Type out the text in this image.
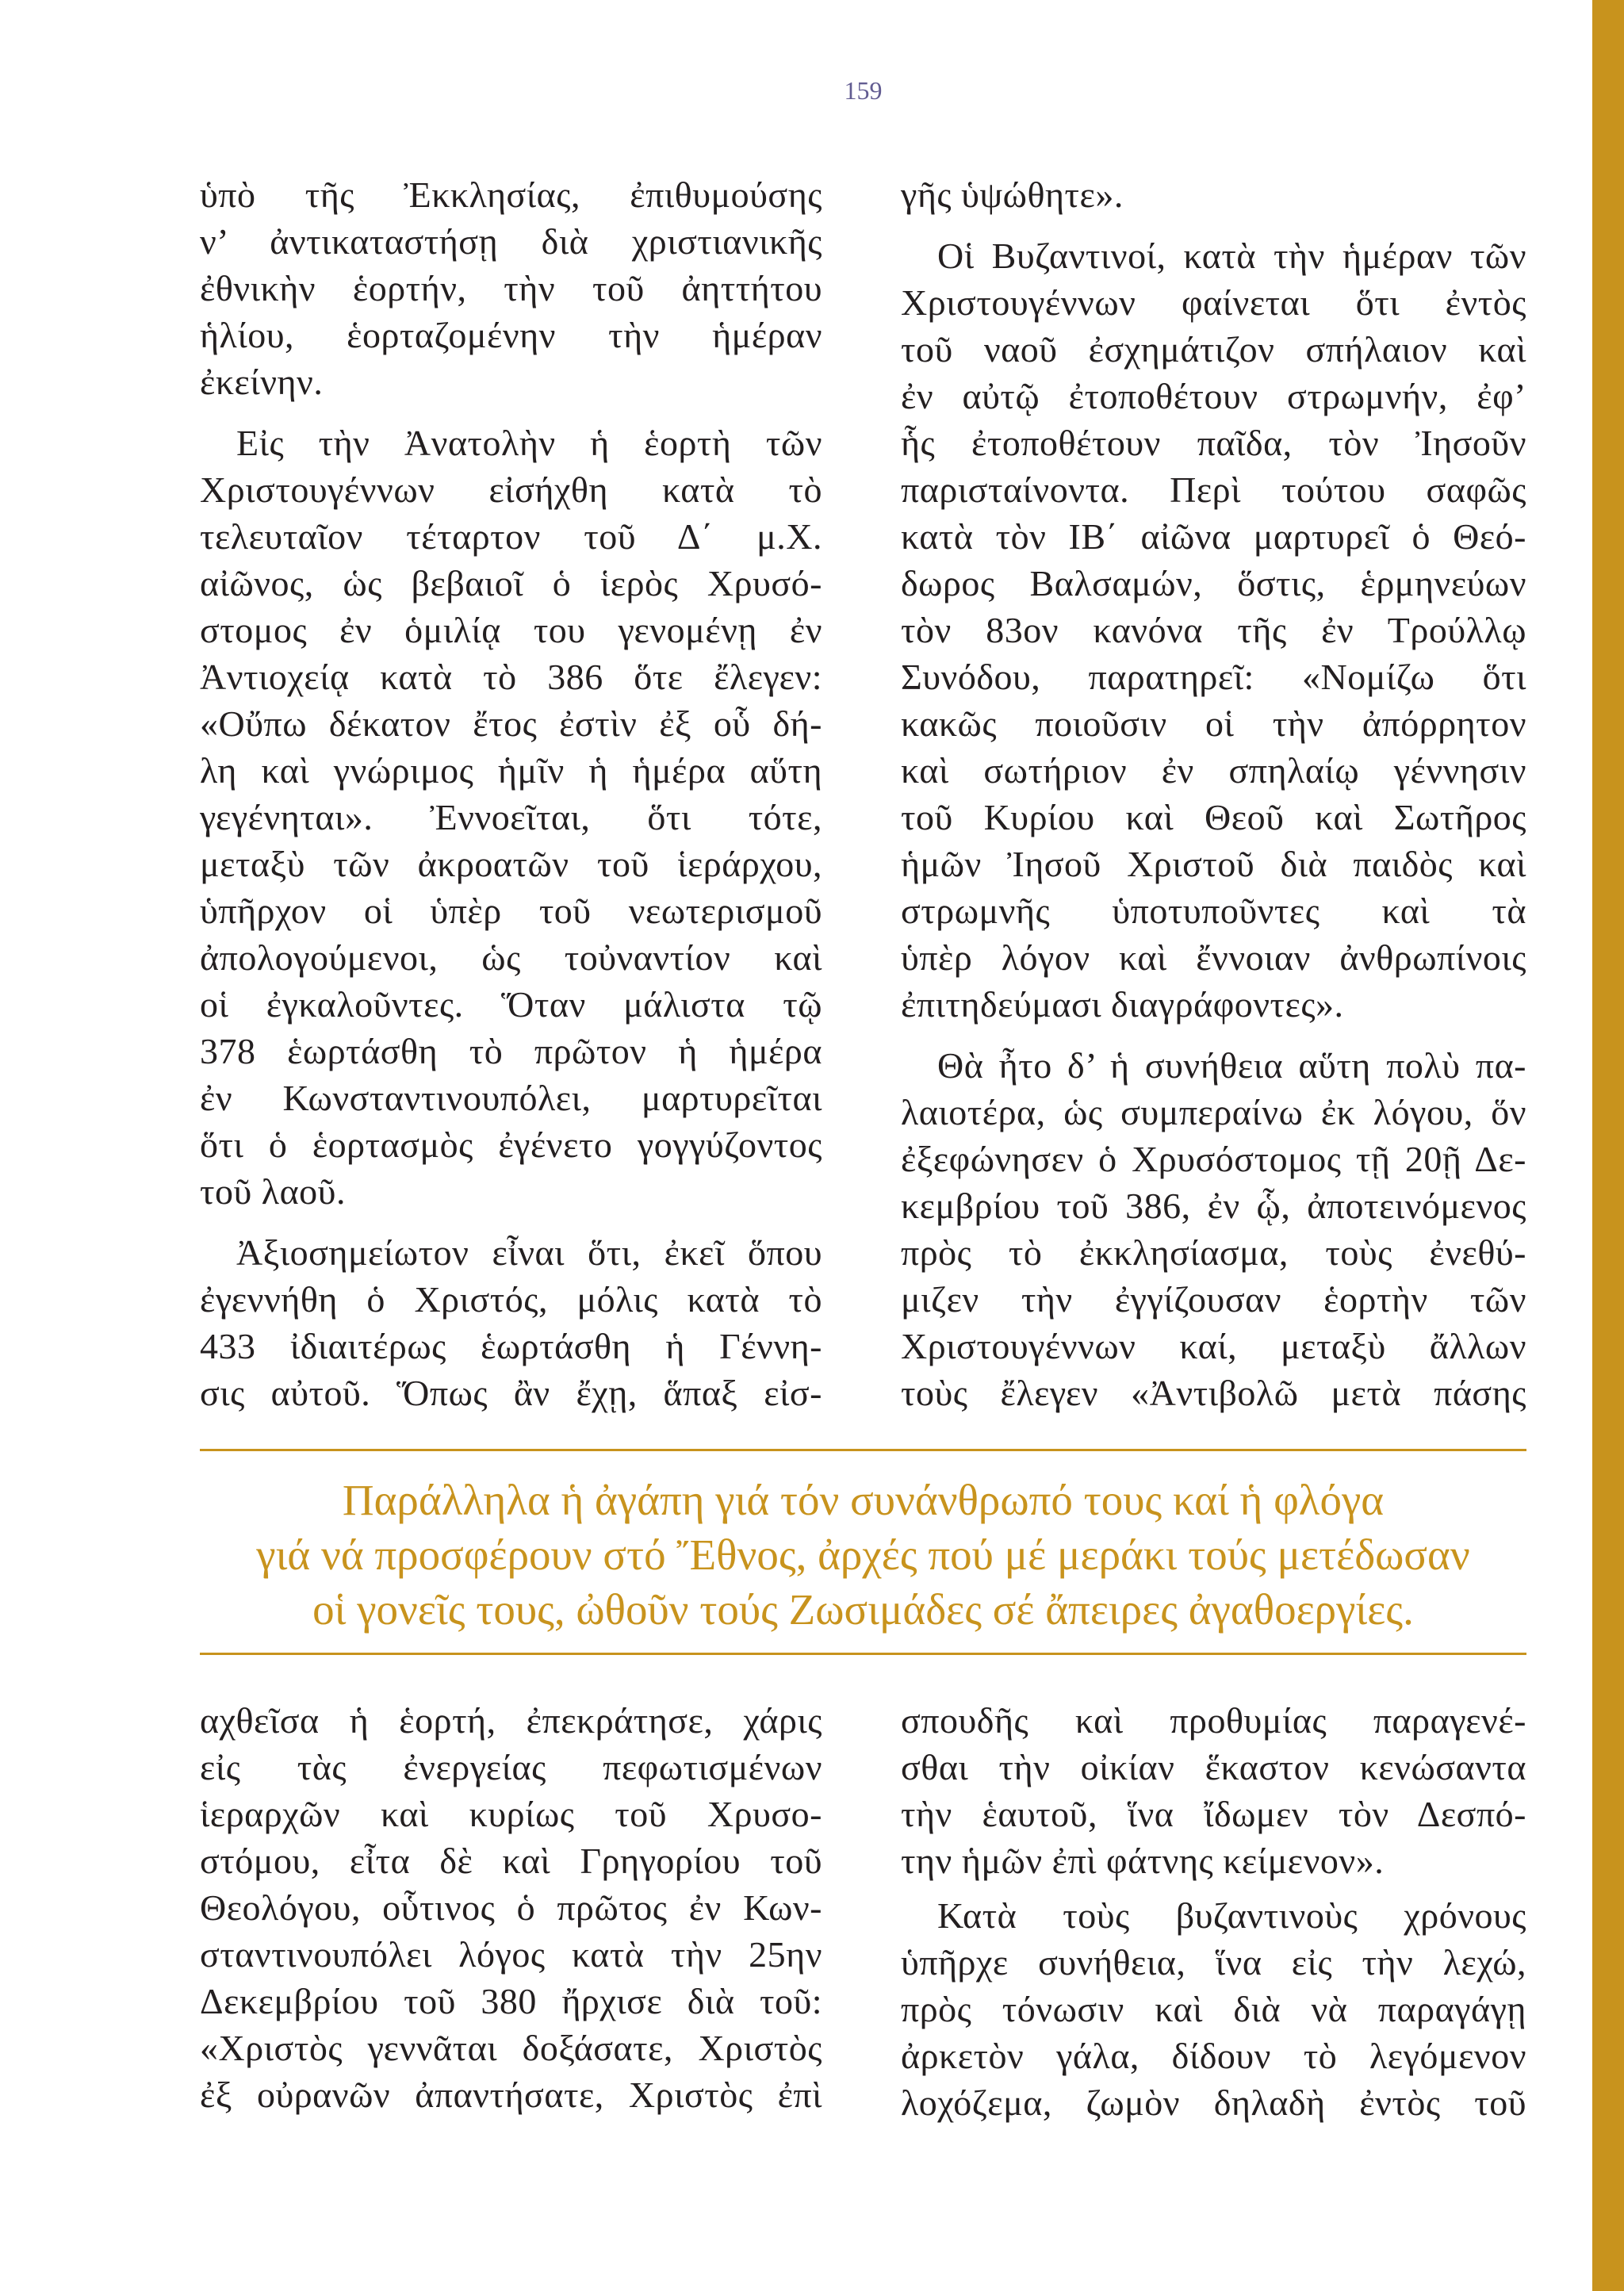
159
ὑπὸ τῆς Ἐκκλησίας, ἐπιθυμούσης
ν’ ἀντικαταστήσῃ διὰ χριστιανικῆς
ἐθνικὴν ἑορτήν, τὴν τοῦ ἀηττήτου
ἡλίου, ἑορταζομένην τὴν ἡμέραν
ἐκείνην.
Εἰς τὴν Ἀνατολὴν ἡ ἑορτὴ τῶν
Χριστουγέννων εἰσήχθη κατὰ τὸ
τελευταῖον τέταρτον τοῦ Δ΄ μ.Χ.
αἰῶνος, ὡς βεβαιοῖ ὁ ἱερὸς Χρυσό-
στομος ἐν ὁμιλίᾳ του γενομένῃ ἐν
Ἀντιοχείᾳ κατὰ τὸ 386 ὅτε ἔλεγεν:
«Οὔπω δέκατον ἔτος ἐστὶν ἐξ οὗ δή-
λη καὶ γνώριμος ἡμῖν ἡ ἡμέρα αὕτη
γεγένηται». Ἐννοεῖται, ὅτι τότε,
μεταξὺ τῶν ἀκροατῶν τοῦ ἱεράρχου,
ὑπῆρχον οἱ ὑπὲρ τοῦ νεωτερισμοῦ
ἀπολογούμενοι, ὡς τοὐναντίον καὶ
οἱ ἐγκαλοῦντες. Ὅταν μάλιστα τῷ
378 ἑωρτάσθη τὸ πρῶτον ἡ ἡμέρα
ἐν Κωνσταντινουπόλει, μαρτυρεῖται
ὅτι ὁ ἑορτασμὸς ἐγένετο γογγύζοντος
τοῦ λαοῦ.
Ἀξιοσημείωτον εἶναι ὅτι, ἐκεῖ ὅπου
ἐγεννήθη ὁ Χριστός, μόλις κατὰ τὸ
433 ἰδιαιτέρως ἑωρτάσθη ἡ Γέννη-
σις αὐτοῦ. Ὅπως ἂν ἔχῃ, ἅπαξ εἰσ-
γῆς ὑψώθητε».
Οἱ Βυζαντινοί, κατὰ τὴν ἡμέραν τῶν
Χριστουγέννων φαίνεται ὅτι ἐντὸς
τοῦ ναοῦ ἐσχημάτιζον σπήλαιον καὶ
ἐν αὐτῷ ἐτοποθέτουν στρωμνήν, ἐφ’
ἧς ἐτοποθέτουν παῖδα, τὸν Ἰησοῦν
παρισταίνοντα. Περὶ τούτου σαφῶς
κατὰ τὸν ΙΒ΄ αἰῶνα μαρτυρεῖ ὁ Θεό-
δωρος Βαλσαμών, ὅστις, ἑρμηνεύων
τὸν 83ον κανόνα τῆς ἐν Τρούλλῳ
Συνόδου, παρατηρεῖ: «Νομίζω ὅτι
κακῶς ποιοῦσιν οἱ τὴν ἀπόρρητον
καὶ σωτήριον ἐν σπηλαίῳ γέννησιν
τοῦ Κυρίου καὶ Θεοῦ καὶ Σωτῆρος
ἡμῶν Ἰησοῦ Χριστοῦ διὰ παιδὸς καὶ
στρωμνῆς ὑποτυποῦντες καὶ τὰ
ὑπὲρ λόγον καὶ ἔννοιαν ἀνθρωπίνοις
ἐπιτηδεύμασι διαγράφοντες».
Θὰ ἦτο δ’ ἡ συνήθεια αὕτη πολὺ πα-
λαιοτέρα, ὡς συμπεραίνω ἐκ λόγου, ὅν
ἐξεφώνησεν ὁ Χρυσόστομος τῇ 20ῇ Δε-
κεμβρίου τοῦ 386, ἐν ᾧ, ἀποτεινόμενος
πρὸς τὸ ἐκκλησίασμα, τοὺς ἐνεθύ-
μιζεν τὴν ἐγγίζουσαν ἑορτὴν τῶν
Χριστουγέννων καί, μεταξὺ ἄλλων
τοὺς ἔλεγεν «Ἀντιβολῶ μετὰ πάσης
Παράλληλα ἡ ἀγάπη γιά τόν συνάνθρωπό τους καί ἡ φλόγα
γιά νά προσφέρουν στό Ἔθνος, ἀρχές πού μέ μεράκι τούς μετέδωσαν
οἱ γονεῖς τους, ὠθοῦν τούς Ζωσιμάδες σέ ἄπειρες ἀγαθοεργίες.
αχθεῖσα ἡ ἑορτή, ἐπεκράτησε, χάρις
εἰς τὰς ἐνεργείας πεφωτισμένων
ἱεραρχῶν καὶ κυρίως τοῦ Χρυσο-
στόμου, εἶτα δὲ καὶ Γρηγορίου τοῦ
Θεολόγου, οὗτινος ὁ πρῶτος ἐν Κων-
σταντινουπόλει λόγος κατὰ τὴν 25ην
Δεκεμβρίου τοῦ 380 ἤρχισε διὰ τοῦ:
«Χριστὸς γεννᾶται δοξάσατε, Χριστὸς
ἐξ οὐρανῶν ἀπαντήσατε, Χριστὸς ἐπὶ
σπουδῆς καὶ προθυμίας παραγενέ-
σθαι τὴν οἰκίαν ἕκαστον κενώσαντα
τὴν ἑαυτοῦ, ἵνα ἴδωμεν τὸν Δεσπό-
την ἡμῶν ἐπὶ φάτνης κείμενον».
Κατὰ τοὺς βυζαντινοὺς χρόνους
ὑπῆρχε συνήθεια, ἵνα εἰς τὴν λεχώ,
πρὸς τόνωσιν καὶ διὰ νὰ παραγάγῃ
ἀρκετὸν γάλα, δίδουν τὸ λεγόμενον
λοχόζεμα, ζωμὸν δηλαδὴ ἐντὸς τοῦ
